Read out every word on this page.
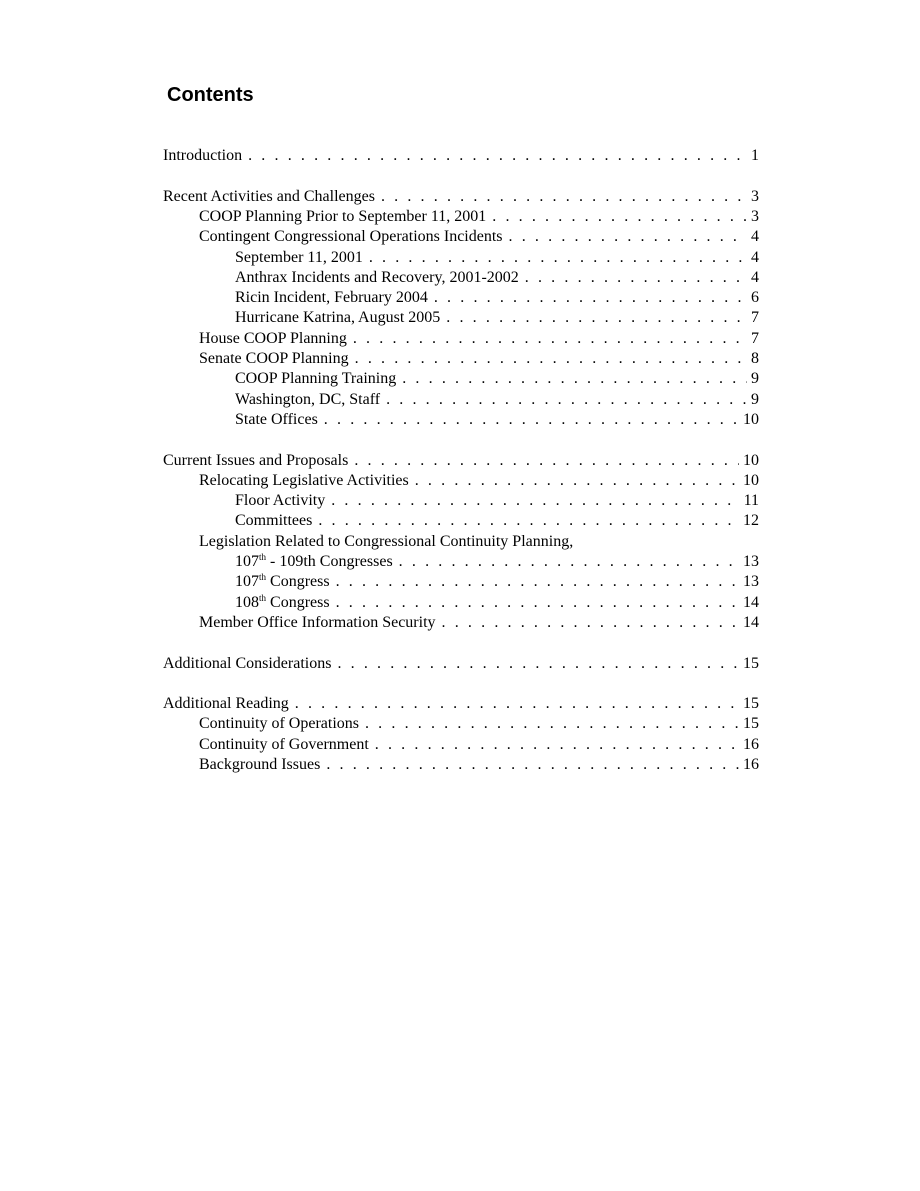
Contents
Introduction . . .	1
Recent Activities and Challenges . . .	3
COOP Planning Prior to September 11, 2001 . . .	3
Contingent Congressional Operations Incidents . . .	4
September 11, 2001 . . .	4
Anthrax Incidents and Recovery, 2001-2002 . . .	4
Ricin Incident, February 2004 . . .	6
Hurricane Katrina, August 2005 . . .	7
House COOP Planning . . .	7
Senate COOP Planning . . .	8
COOP Planning Training . . .	9
Washington, DC, Staff . . .	9
State Offices . . .	10
Current Issues and Proposals . . .	10
Relocating Legislative Activities . . .	10
Floor Activity . . .	11
Committees . . .	12
Legislation Related to Congressional Continuity Planning,
107th - 109th Congresses . . .	13
107th Congress . . .	13
108th Congress . . .	14
Member Office Information Security . . .	14
Additional Considerations . . .	15
Additional Reading . . .	15
Continuity of Operations . . .	15
Continuity of Government . . .	16
Background Issues . . .	16
